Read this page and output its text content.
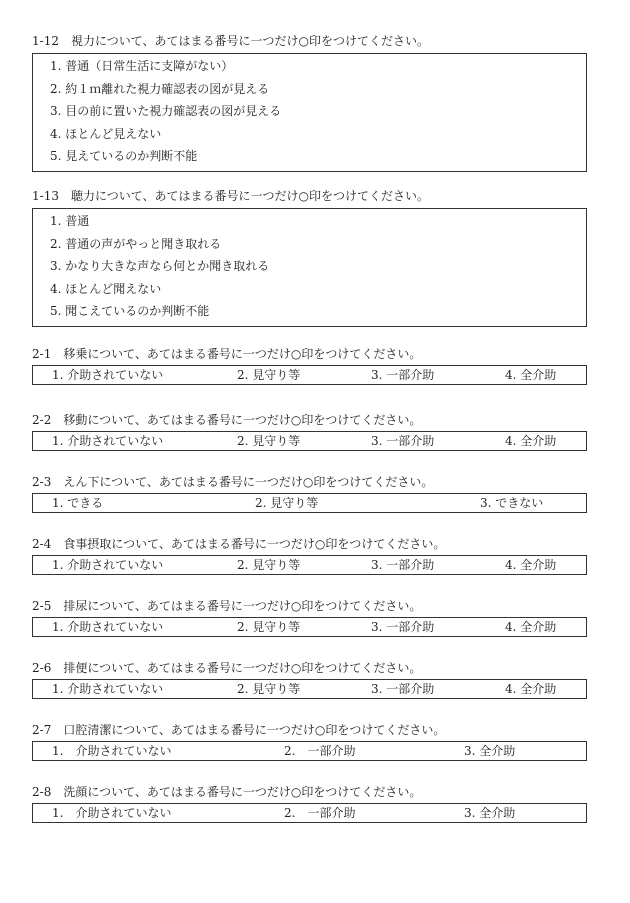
1-12　視力について、あてはまる番号に一つだけ○印をつけてください。
1. 普通（日常生活に支障がない）
2. 約１ｍ離れた視力確認表の図が見える
3. 目の前に置いた視力確認表の図が見える
4. ほとんど見えない
5. 見えているのか判断不能
1-13　聴力について、あてはまる番号に一つだけ○印をつけてください。
1. 普通
2. 普通の声がやっと聞き取れる
3. かなり大きな声なら何とか聞き取れる
4. ほとんど聞えない
5. 聞こえているのか判断不能
2-1　移乗について、あてはまる番号に一つだけ○印をつけてください。
1. 介助されていない	2. 見守り等	3. 一部介助	4. 全介助
2-2　移動について、あてはまる番号に一つだけ○印をつけてください。
1. 介助されていない	2. 見守り等	3. 一部介助	4. 全介助
2-3　えん下について、あてはまる番号に一つだけ○印をつけてください。
1. できる	2. 見守り等	3. できない
2-4　食事摂取について、あてはまる番号に一つだけ○印をつけてください。
1. 介助されていない	2. 見守り等	3. 一部介助	4. 全介助
2-5　排尿について、あてはまる番号に一つだけ○印をつけてください。
1. 介助されていない	2. 見守り等	3. 一部介助	4. 全介助
2-6　排便について、あてはまる番号に一つだけ○印をつけてください。
1. 介助されていない	2. 見守り等	3. 一部介助	4. 全介助
2-7　口腔清潔について、あてはまる番号に一つだけ○印をつけてください。
1.　介助されていない	2.　一部介助	3. 全介助
2-8　洗顔について、あてはまる番号に一つだけ○印をつけてください。
1.　介助されていない	2.　一部介助	3. 全介助
